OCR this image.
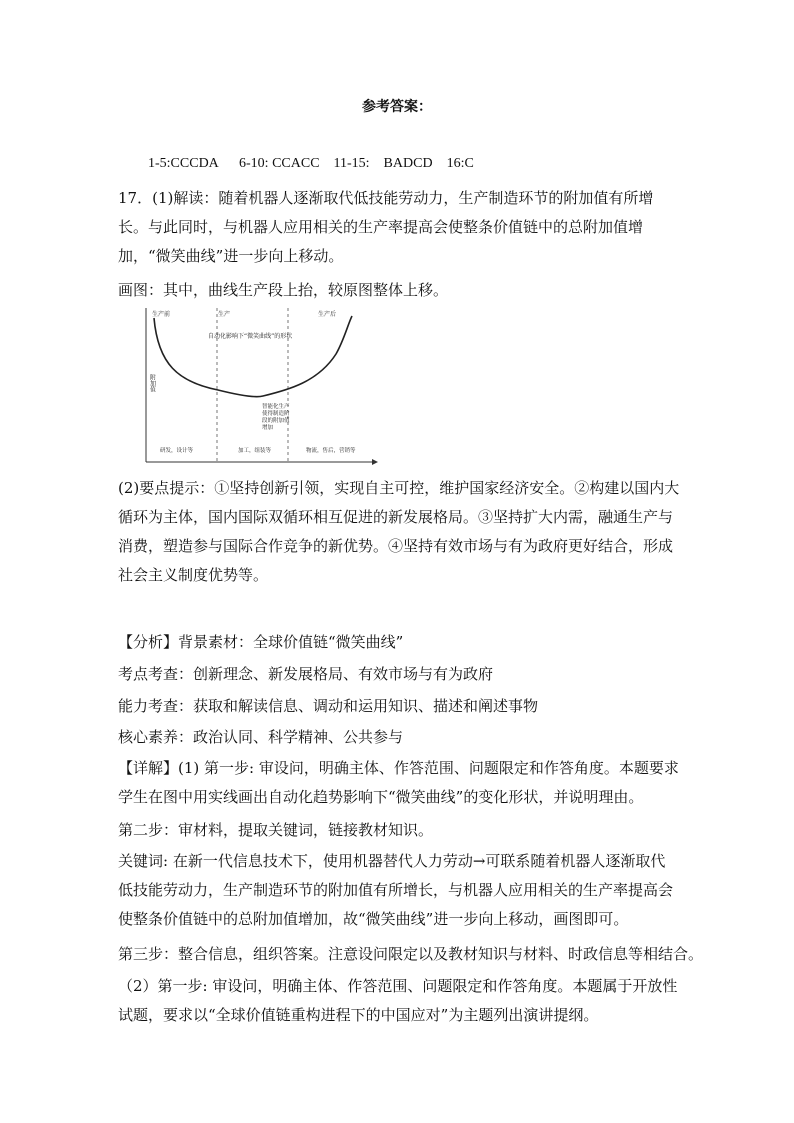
参考答案：
1-5:CCCDA      6-10: CCACC    11-15:    BADCD    16:C
17．(1)解读：随着机器人逐渐取代低技能劳动力，生产制造环节的附加值有所增长。与此同时，与机器人应用相关的生产率提高会使整条价值链中的总附加值增加，“微笑曲线”进一步向上移动。
画图：其中，曲线生产段上抬，较原图整体上移。
生产前	生产	生产后
自动化影响下“微笑曲线”的形状
附加值
智能化生产
使得制造阶
段的附加值
增加
研发，设计等	加工，组装等	物流，售后，营销等
(2)要点提示：①坚持创新引领，实现自主可控，维护国家经济安全。②构建以国内大循环为主体，国内国际双循环相互促进的新发展格局。③坚持扩大内需，融通生产与消费，塑造参与国际合作竞争的新优势。④坚持有效市场与有为政府更好结合，形成社会主义制度优势等。
【分析】背景素材：全球价值链“微笑曲线”
考点考查：创新理念、新发展格局、有效市场与有为政府
能力考查：获取和解读信息、调动和运用知识、描述和阐述事物
核心素养：政治认同、科学精神、公共参与
【详解】(1) 第一步: 审设问，明确主体、作答范围、问题限定和作答角度。本题要求学生在图中用实线画出自动化趋势影响下“微笑曲线”的变化形状，并说明理由。
第二步：审材料，提取关键词，链接教材知识。
关键词: 在新一代信息技术下，使用机器替代人力劳动→可联系随着机器人逐渐取代低技能劳动力，生产制造环节的附加值有所增长，与机器人应用相关的生产率提高会使整条价值链中的总附加值增加，故“微笑曲线”进一步向上移动，画图即可。
第三步：整合信息，组织答案。注意设问限定以及教材知识与材料、时政信息等相结合。
（2）第一步: 审设问，明确主体、作答范围、问题限定和作答角度。本题属于开放性试题，要求以“全球价值链重构进程下的中国应对”为主题列出演讲提纲。
